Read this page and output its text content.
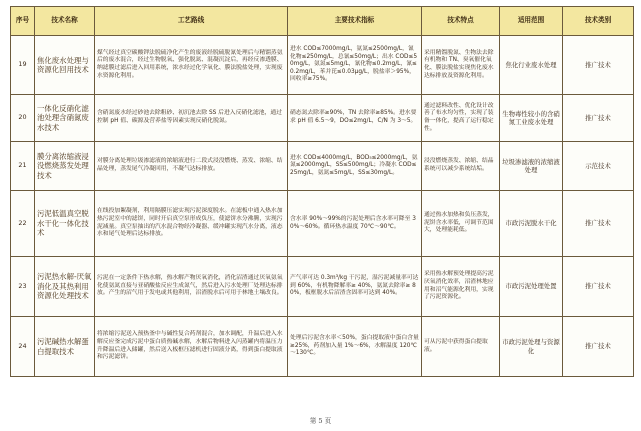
序号	技术名称	工艺路线	主要技术指标	技术特点	适用范围	技术类别
19	焦化废水处理与资源化回用技术	煤气经过真空碳酸钾法脱硫净化产生的废液经脱硫脱氰处理后与精馏蒸氨后的废水混合，经过生物脱氧、强化脱氮、混凝沉淀后，再经反渗透膜、纳滤膜过滤后进入回用系统，浓水经过化学氧化、膜法脱盐处理，实现废水资源化利用。	进水 COD≤7000mg/L，氨氮≤2500mg/L，氰化物≤250mg/L，总氰≤50mg/L；出水 COD≤50mg/L，氨氮≤5mg/L，氰化物≤0.2mg/L，氰≤0.2mg/L，苯并芘≤0.03μg/L，脱盐率＞95%，回收率≥75%。	采用精馏脱氮、生物法去除有机物和 TN、臭氧催化氧化、膜法脱盐实现焦化废水达标排放及资源化利用。	焦化行业废水处理	推广技术
20	一体化反硝化滤池处理含硝氮废水技术	含硝氮废水经过砂池去除粗砂、初沉池去除 SS 后进入反硝化滤池，通过控制 pH 值、碳源及营养盐等因素实现反硝化脱氮。	硝态氮去除率≥90%，TN 去除率≥85%。进水要求 pH 值 6.5～9，DO≤2mg/L，C/N 为 3～5。	通过滤料改性、优化设计改善了布水均匀性，实现了装备一体化，提高了运行稳定性。	生物毒性较小的含硝氮工业废水处理	推广技术
21	膜分离浓缩液浸没燃烧蒸发处理技术	对膜分离处理垃圾渗滤液的浓缩液进行二段式浸没燃烧、蒸发、浓缩、结晶处理，蒸发尾气冷凝回用，不凝气达标排放。	进水 COD≤4000mg/L，BOD₅≤2000mg/L，氨氮≤2000mg/L，SS≤500mg/L；冷凝水 COD≤25mg/L，氨氮≤5mg/L，SS≤30mg/L。	浸没燃烧蒸发、浓缩、结晶系统可以减少系统结垢。	垃圾渗滤液的浓缩液处理	示范技术
22	污泥低温真空脱水干化一体化技术	在线投加絮凝剂，利用隔膜压滤实现污泥深度脱水。在滤板中通入热水加热污泥室中的滤饼，同时开启真空泵形成负压，使滤饼水分沸腾，实现污泥减量。真空泵抽出的汽水混合物经冷凝器、缓冲罐实现汽水分离，液态水和尾气处理后达标排放。	含水率 90%～99%的污泥处理后含水率可降至 30%～60%。循环热水温度 70℃～90℃。	通过热水加热和负压蒸发，泥饼含水率低，可调节范围大，处理能耗低。	市政污泥脱水干化	推广技术
23	污泥热水解-厌氧消化及其热利用资源化处理技术	污泥在一定条件下热水解，热水解产物厌氧消化，消化沼渣通过厌氧氨氧化使氨氮直接与亚硝酸盐反应生成氮气，然后进入污水处理厂处理达标排放。产生的沼气用于发电或其他利用，沼渣脱水后可用于林地土壤改良。	产气率可达 0.3m³/kg 干污泥，湿污泥减量率可达到 60%，有机物降解率≥ 40%，氨氮去除率≥ 80%，板框脱水后沼渣含固率可达到 40%。	采用热水解预处理提高污泥厌氧消化效率，沼渣林地应用和沼气能源化利用，实现了污泥资源化。	市政污泥处理处置	推广技术
24	污泥碱热水解蛋白提取技术	将浓缩污泥送入预热釜中与碱性复合药剂混合，加水调配，升温后进入水解反应釜完成污泥中蛋白质热碱水解，水解后物料进入闪蒸罐内将温压力升降温后进入储罐，然后送入板框压滤机进行固液分离，得到蛋白提取液和污泥滤饼。	处理后污泥含水率＜50%，蛋白提取液中蛋白含量≥25%，药剂加入量 1%～6%，水解温度 120℃～130℃。	可从污泥中获得蛋白提取液。	市政污泥处理与资源化	推广技术
第 5 页
